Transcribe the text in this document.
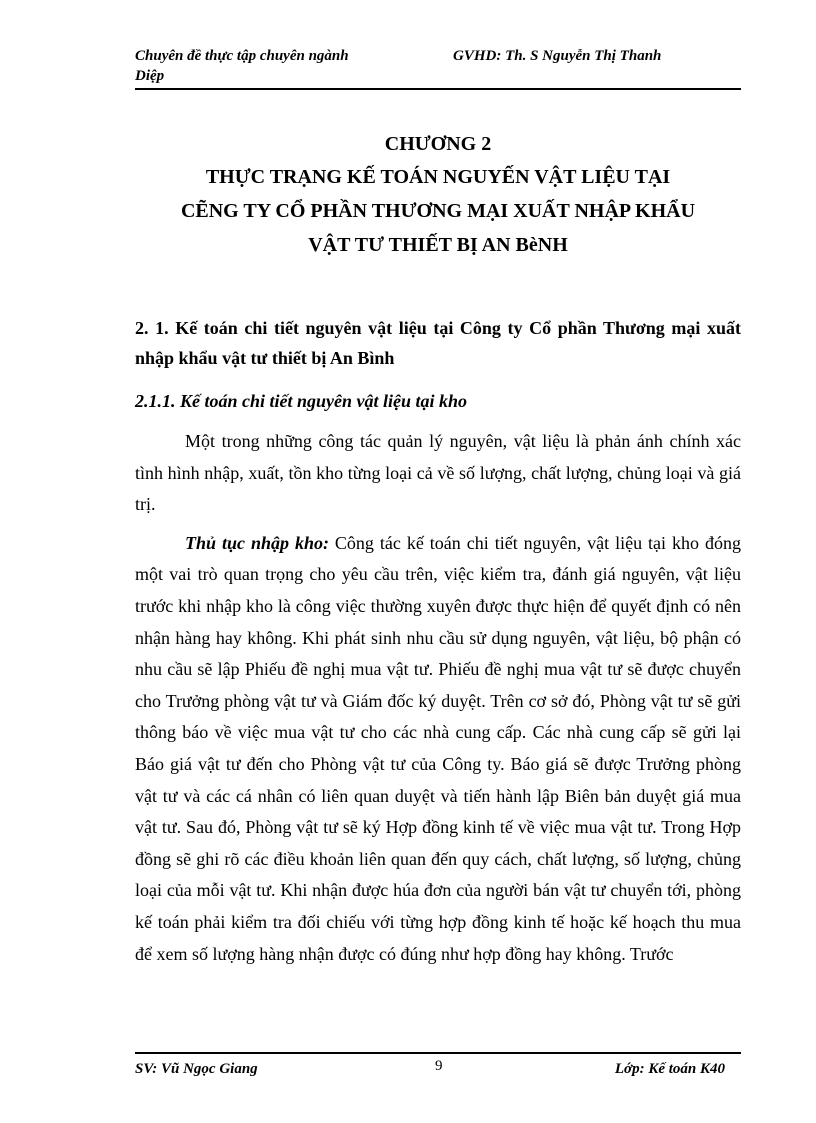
Chuyên đề thực tập chuyên ngành	GVHD: Th. S Nguyễn Thị Thanh
Diệp
CHƯƠNG 2
THỰC TRẠNG KẾ TOÁN NGUYẾN VẬT LIỆU TẠI
CẼNG TY CỔ PHẦN THƯƠNG MẠI XUẤT NHẬP KHẨU
VẬT TƯ THIẾT BỊ AN BèNH
2. 1. Kế toán chi tiết nguyên vật liệu tại Công ty Cổ phần Thương mại xuất nhập khẩu vật tư thiết bị An Bình
2.1.1. Kế toán chi tiết nguyên vật liệu tại kho

Một trong những công tác quản lý nguyên, vật liệu là phản ánh chính xác tình hình nhập, xuất, tồn kho từng loại cả về số lượng, chất lượng, chủng loại và giá trị.

Thủ tục nhập kho: Công tác kế toán chi tiết nguyên, vật liệu tại kho đóng một vai trò quan trọng cho yêu cầu trên, việc kiểm tra, đánh giá nguyên, vật liệu trước khi nhập kho là công việc thường xuyên được thực hiện để quyết định có nên nhận hàng hay không. Khi phát sinh nhu cầu sử dụng nguyên, vật liệu, bộ phận có nhu cầu sẽ lập Phiếu đề nghị mua vật tư. Phiếu đề nghị mua vật tư sẽ được chuyển cho Trưởng phòng vật tư và Giám đốc ký duyệt. Trên cơ sở đó, Phòng vật tư sẽ gửi thông báo về việc mua vật tư cho các nhà cung cấp. Các nhà cung cấp sẽ gửi lại Báo giá vật tư đến cho Phòng vật tư của Công ty. Báo giá sẽ được Trưởng phòng vật tư và các cá nhân có liên quan duyệt và tiến hành lập Biên bản duyệt giá mua vật tư. Sau đó, Phòng vật tư sẽ ký Hợp đồng kinh tế về việc mua vật tư. Trong Hợp đồng sẽ ghi rõ các điều khoản liên quan đến quy cách, chất lượng, số lượng, chủng loại của mỗi vật tư. Khi nhận được húa đơn của người bán vật tư chuyển tới, phòng kế toán phải kiểm tra đối chiếu với từng hợp đồng kinh tế hoặc kế hoạch thu mua để xem số lượng hàng nhận được có đúng như hợp đồng hay không. Trước

SV: Vũ Ngọc Giang	9	Lớp: Kế toán K40
